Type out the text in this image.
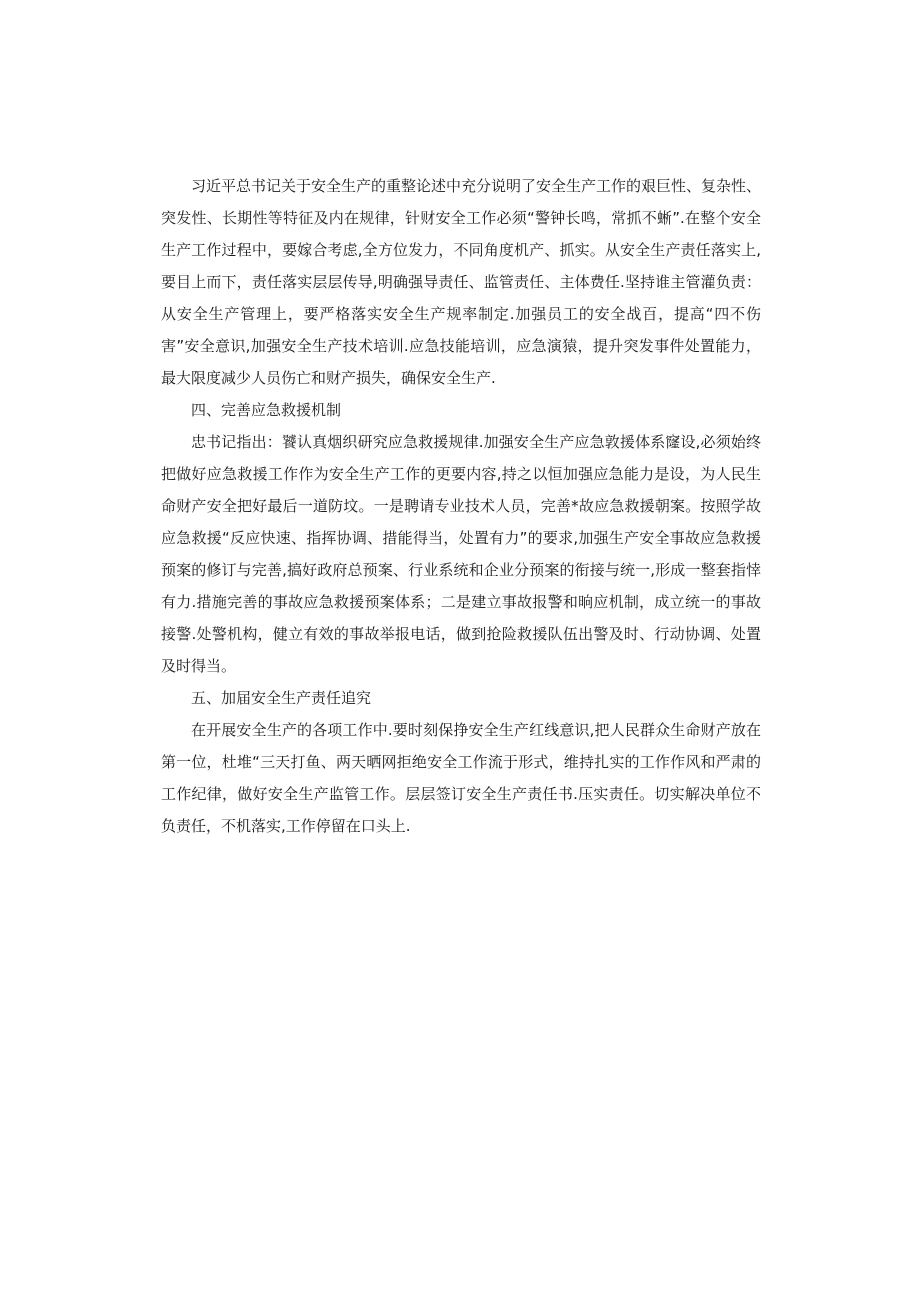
习近平总书记关于安全生产的重整论述中充分说明了安全生产工作的艰巨性、复杂性、突发性、长期性等特征及内在规律，针财安全工作必须“警钟长鸣，常抓不蜥”.在整个安全生产工作过程中，要嫁合考虑,全方位发力，不同角度机产、抓实。从安全生产责任落实上,要目上而下，责任落实层层传导,明确强导责任、监管责任、主体费任.坚持谁主管灌负责：从安全生产管理上，要严格落实安全生产规率制定.加强员工的安全战百，提高“四不伤害”安全意识,加强安全生产技术培训.应急技能培训，应急演猿，提升突发事件处置能力，最大限度减少人员伤亡和财产损失，确保安全生产.

四、完善应急救援机制

忠书记指出：饕认真烟织研究应急救援规律.加强安全生产应急敦援体系窿设,必须始终把做好应急救援工作作为安全生产工作的更要内容,持之以恒加强应急能力是设，为人民生命财产安全把好最后一道防坟。一是聘请专业技术人员，完善*故应急救援朝案。按照学故应急救援“反应快速、指挥协调、措能得当，处置有力”的要求,加强生产安全事故应急救援预案的修订与完善,搞好政府总预案、行业系统和企业分预案的衔接与统一,形成一整套指悻有力.措施完善的事故应急救援预案体系；二是建立事故报警和晌应机制，成立统一的事故接警.处警机构，健立有效的事故举报电话，做到抢险救援队伍出警及时、行动协调、处置及时得当。

五、加届安全生产责任追究

在开展安全生产的各项工作中.要时刻保挣安全生产红线意识,把人民群众生命财产放在第一位，杜堆“三天打鱼、两天晒网拒绝安全工作流于形式，维持扎实的工作作风和严肃的工作纪律，做好安全生产监管工作。层层签订安全生产责任书.压实责任。切实解决单位不负责任，不机落实,工作停留在口头上.
